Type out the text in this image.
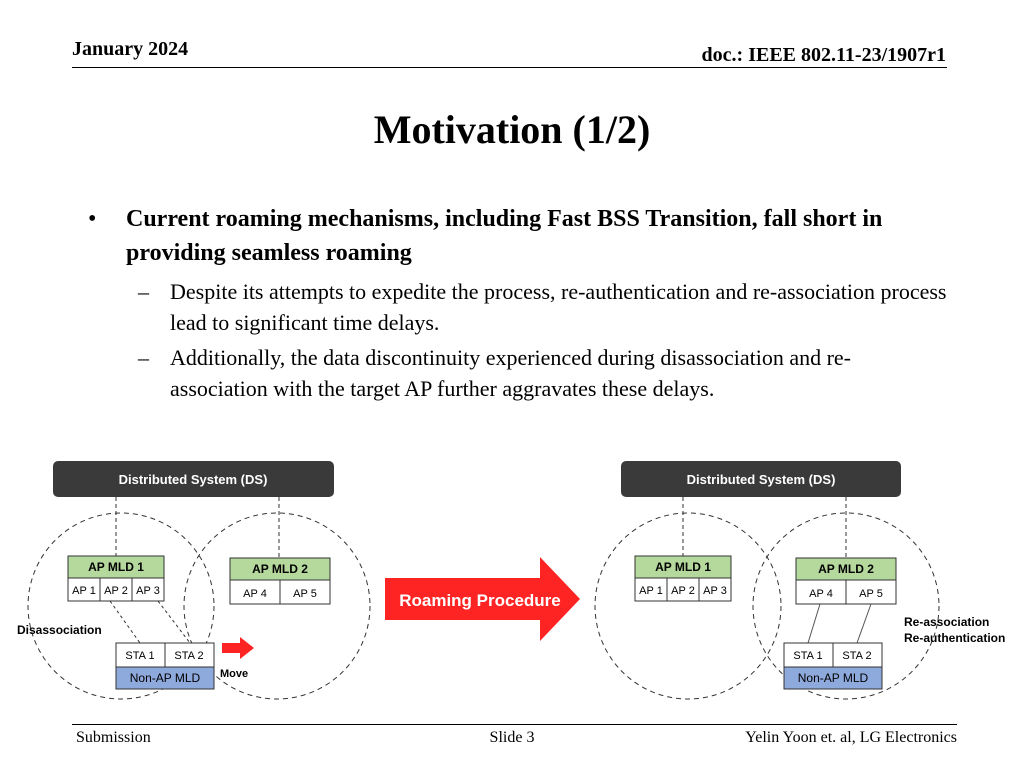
January 2024	doc.: IEEE 802.11-23/1907r1
Motivation (1/2)
• Current roaming mechanisms, including Fast BSS Transition, fall short in providing seamless roaming
– Despite its attempts to expedite the process, re-authentication and re-association process lead to significant time delays.
– Additionally, the data discontinuity experienced during disassociation and re-association with the target AP further aggravates these delays.
Distributed System (DS)
AP MLD 1
AP 1 AP 2 AP 3
AP MLD 2
AP 4 AP 5
Disassociation
STA 1 STA 2
Non-AP MLD Move
Roaming Procedure
Distributed System (DS)
AP MLD 1
AP 1 AP 2 AP 3
AP MLD 2
AP 4 AP 5
STA 1 STA 2
Non-AP MLD
Re-association
Re-authentication
Submission	Slide 3	Yelin Yoon et. al, LG Electronics
